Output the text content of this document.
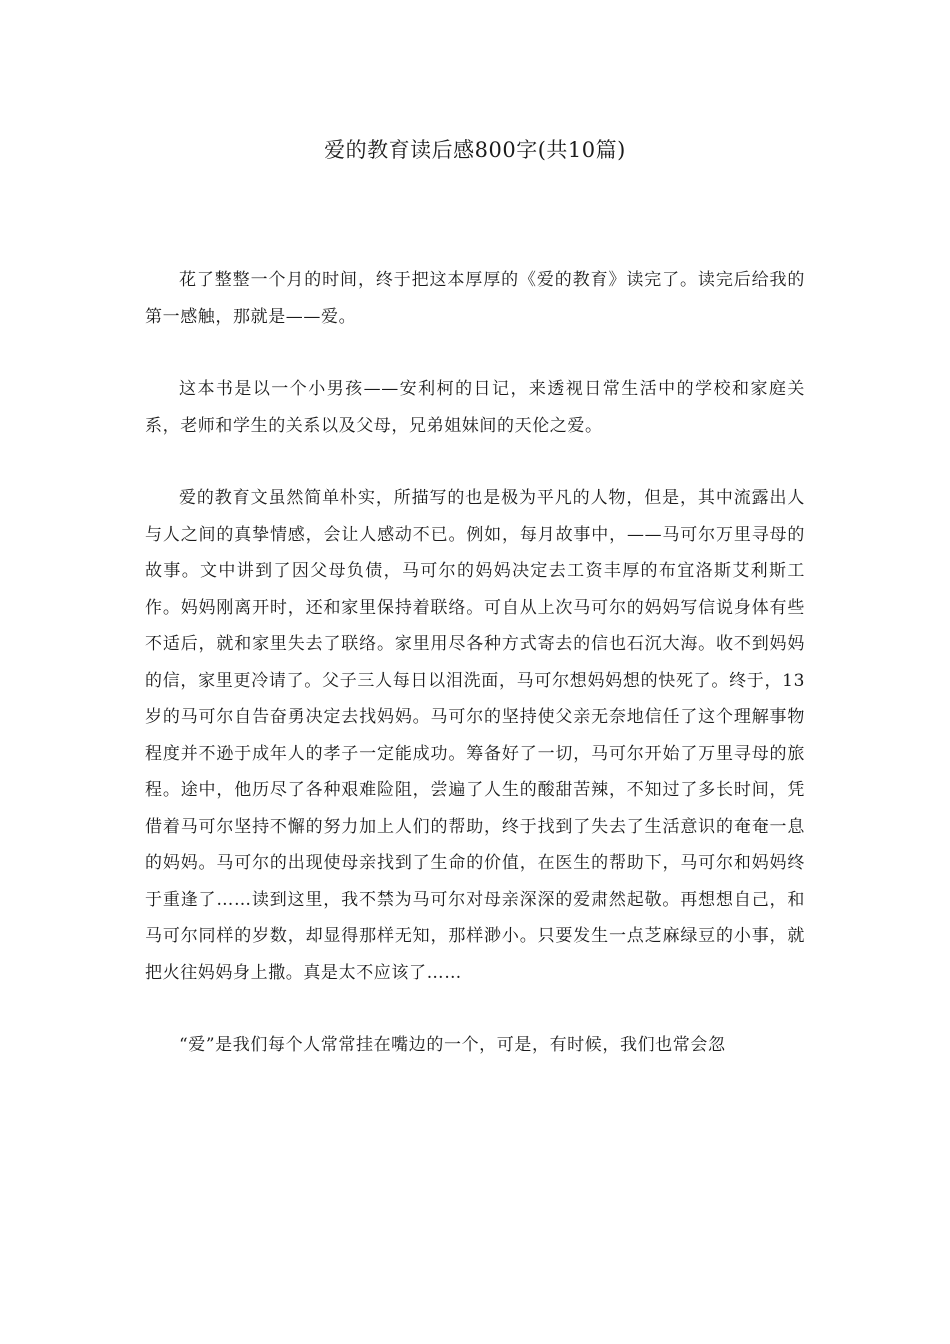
爱的教育读后感800字(共10篇)

花了整整一个月的时间，终于把这本厚厚的《爱的教育》读完了。读完后给我的第一感触，那就是——爱。

这本书是以一个小男孩——安利柯的日记，来透视日常生活中的学校和家庭关系，老师和学生的关系以及父母，兄弟姐妹间的天伦之爱。

爱的教育文虽然简单朴实，所描写的也是极为平凡的人物，但是，其中流露出人与人之间的真挚情感，会让人感动不已。例如，每月故事中，——马可尔万里寻母的故事。文中讲到了因父母负债，马可尔的妈妈决定去工资丰厚的布宜洛斯艾利斯工作。妈妈刚离开时，还和家里保持着联络。可自从上次马可尔的妈妈写信说身体有些不适后，就和家里失去了联络。家里用尽各种方式寄去的信也石沉大海。收不到妈妈的信，家里更冷请了。父子三人每日以泪洗面，马可尔想妈妈想的快死了。终于，13岁的马可尔自告奋勇决定去找妈妈。马可尔的坚持使父亲无奈地信任了这个理解事物程度并不逊于成年人的孝子一定能成功。筹备好了一切，马可尔开始了万里寻母的旅程。途中，他历尽了各种艰难险阻，尝遍了人生的酸甜苦辣，不知过了多长时间，凭借着马可尔坚持不懈的努力加上人们的帮助，终于找到了失去了生活意识的奄奄一息的妈妈。马可尔的出现使母亲找到了生命的价值，在医生的帮助下，马可尔和妈妈终于重逢了……读到这里，我不禁为马可尔对母亲深深的爱肃然起敬。再想想自己，和马可尔同样的岁数，却显得那样无知，那样渺小。只要发生一点芝麻绿豆的小事，就把火往妈妈身上撒。真是太不应该了……

“爱”是我们每个人常常挂在嘴边的一个，可是，有时候，我们也常会忽
